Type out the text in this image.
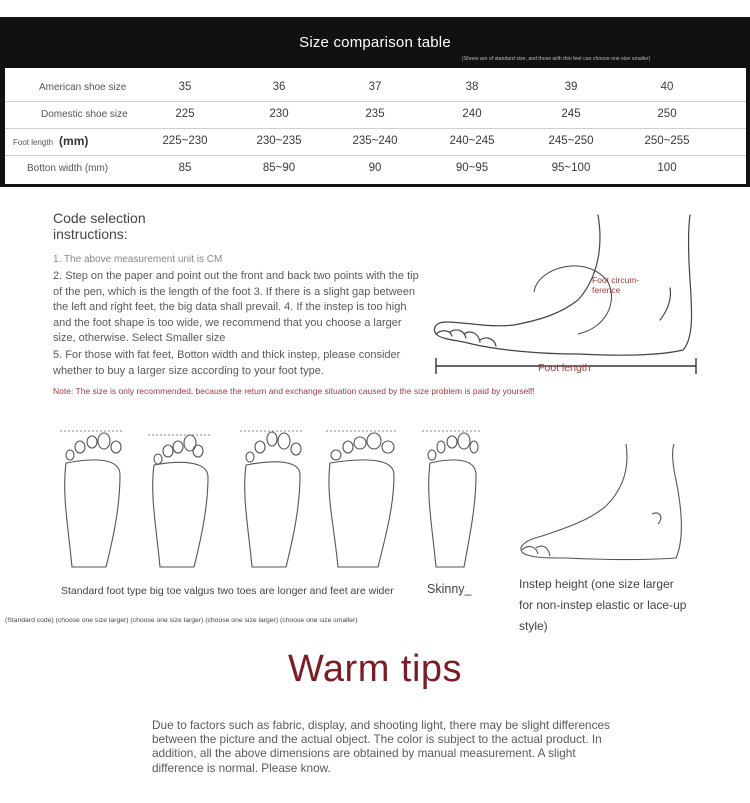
Size comparison table
(Shoes are of standard size, and those with thin feet can choose one size smaller)
American shoe size	35	36	37	38	39	40
Domestic shoe size	225	230	235	240	245	250
Foot length (mm)	225~230	230~235	235~240	240~245	245~250	250~255
Botton width (mm)	85	85~90	90	90~95	95~100	100
Code selection instructions:
1. The above measurement unit is CM
2. Step on the paper and point out the front and back two points with the tip of the pen, which is the length of the foot 3. If there is a slight gap between the left and right feet, the big data shall prevail. 4. If the instep is too high and the foot shape is too wide, we recommend that you choose a larger size, otherwise. Select Smaller size
5. For those with fat feet, Botton width and thick instep, please consider whether to buy a larger size according to your foot type.
Note: The size is only recommended, because the return and exchange situation caused by the size problem is paid by yourself!
Foot circum-ference
Foot length
Standard foot type big toe valgus two toes are longer and feet are wider	Skinny_
(Standard code) (choose one size larger) (choose one size larger) (choose one size larger) (choose one size smaller)
Instep height (one size larger for non-instep elastic or lace-up style)
Warm tips
Due to factors such as fabric, display, and shooting light, there may be slight differences between the picture and the actual object. The color is subject to the actual product. In addition, all the above dimensions are obtained by manual measurement. A slight difference is normal. Please know.
